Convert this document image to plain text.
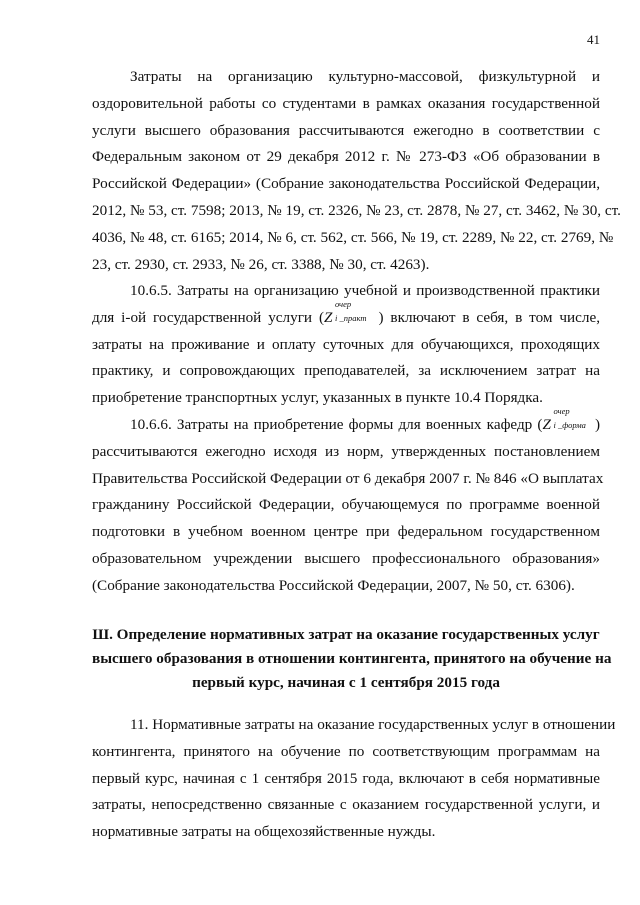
41
Затраты на организацию культурно-массовой, физкультурной и
оздоровительной работы со студентами в рамках оказания государственной
услуги высшего образования рассчитываются ежегодно в соответствии с
Федеральным законом от 29 декабря 2012 г. № 273-ФЗ «Об образовании в
Российской Федерации» (Собрание законодательства Российской Федерации,
2012, № 53, ст. 7598; 2013, № 19, ст. 2326, № 23, ст. 2878, № 27, ст. 3462, № 30, ст.
4036, № 48, ст. 6165; 2014, № 6, ст. 562, ст. 566, № 19, ст. 2289, № 22, ст. 2769, №
23, ст. 2930, ст. 2933, № 26, ст. 3388, № 30, ст. 4263).
10.6.5. Затраты на организацию учебной и производственной практики
для i-ой государственной услуги (Z
очер
i _практ ) включают в себя, в том числе,
затраты на проживание и оплату суточных для обучающихся, проходящих
практику, и сопровождающих преподавателей, за исключением затрат на
приобретение транспортных услуг, указанных в пункте 10.4 Порядка.
10.6.6. Затраты на приобретение формы для военных кафедр (Z
очер
i _форма )
рассчитываются ежегодно исходя из норм, утвержденных постановлением
Правительства Российской Федерации от 6 декабря 2007 г. № 846 «О выплатах
гражданину Российской Федерации, обучающемуся по программе военной
подготовки в учебном военном центре при федеральном государственном
образовательном учреждении высшего профессионального образования»
(Собрание законодательства Российской Федерации, 2007, № 50, ст. 6306).
Ш. Определение нормативных затрат на оказание государственных услуг
высшего образования в отношении контингента, принятого на обучение на
первый курс, начиная с 1 сентября 2015 года
11. Нормативные затраты на оказание государственных услуг в отношении
контингента, принятого на обучение по соответствующим программам на
первый курс, начиная с 1 сентября 2015 года, включают в себя нормативные
затраты, непосредственно связанные с оказанием государственной услуги, и
нормативные затраты на общехозяйственные нужды.
